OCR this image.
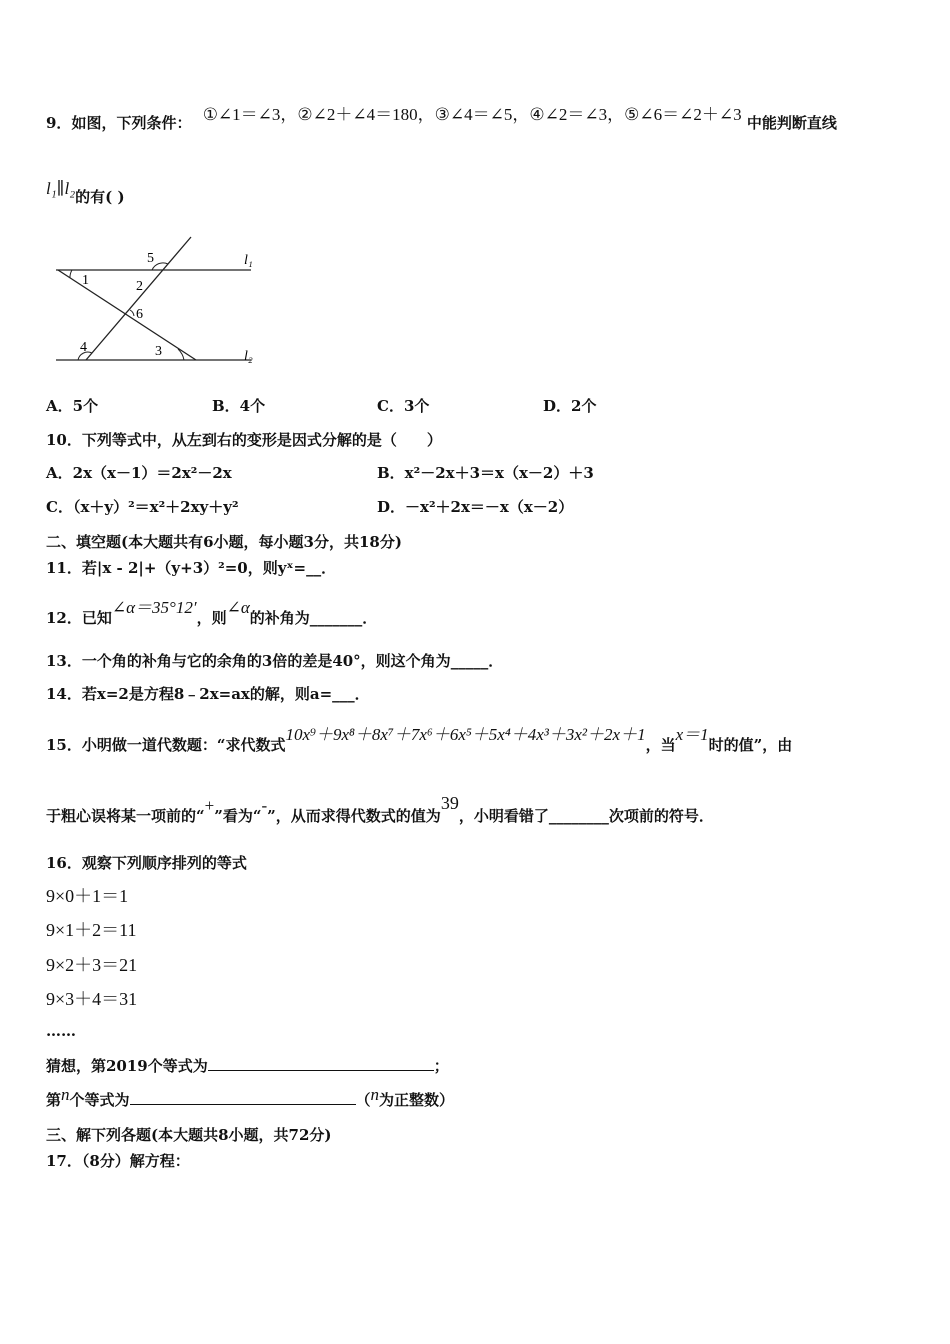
9．如图，下列条件： ①∠1＝∠3，②∠2＋∠4＝180，③∠4＝∠5，④∠2＝∠3，⑤∠6＝∠2＋∠3 中能判断直线
l₁∥l₂的有( )
1	2
3
4
5
6
l₁
l₂
A．5个	B．4个	C．3个	D．2个
10．下列等式中，从左到右的变形是因式分解的是（　　）
A．2x（x－1）＝2x²－2x	B．x²－2x＋3＝x（x－2）＋3
C．（x＋y）²＝x²＋2xy＋y²	D．－x²＋2x＝－x（x－2）
二、填空题(本大题共有6小题，每小题3分，共18分)
11．若|x - 2|+（y+3）²=0，则yˣ=__．
12．已知∠α＝35°12′，则∠α的补角为_______．
13．一个角的补角与它的余角的3倍的差是40°，则这个角为_____．
14．若x=2是方程8﹣2x=ax的解，则a=___．
15．小明做一道代数题：“求代数式10x⁹＋9x⁸＋8x⁷＋7x⁶＋6x⁵＋5x⁴＋4x³＋3x²＋2x＋1，当x＝1时的值”，由
于粗心误将某一项前的“+”看为“-”，从而求得代数式的值为39，小明看错了________次项前的符号．
16．观察下列顺序排列的等式
9×0＋1＝1
9×1＋2＝11
9×2＋3＝21
9×3＋4＝31
……
猜想，第2019个等式为	；
第n个等式为	（n为正整数）
三、解下列各题(本大题共8小题，共72分)
17．（8分）解方程：
